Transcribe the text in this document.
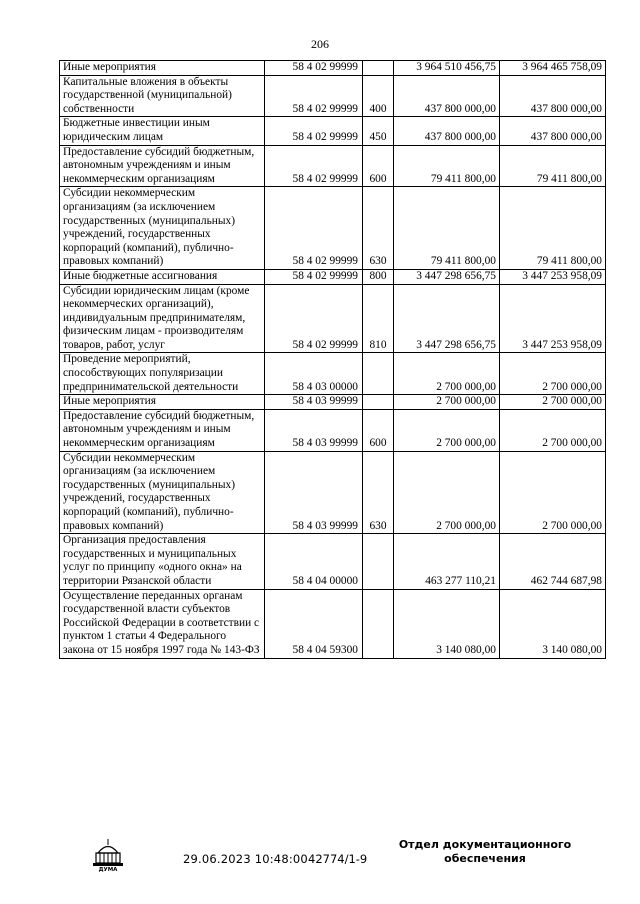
206
Иные мероприятия	58 4 02 99999		3 964 510 456,75	3 964 465 758,09
Капитальные вложения в объекты государственной (муниципальной) собственности	58 4 02 99999	400	437 800 000,00	437 800 000,00
Бюджетные инвестиции иным юридическим лицам	58 4 02 99999	450	437 800 000,00	437 800 000,00
Предоставление субсидий бюджетным, автономным учреждениям и иным некоммерческим организациям	58 4 02 99999	600	79 411 800,00	79 411 800,00
Субсидии некоммерческим организациям (за исключением государственных (муниципальных) учреждений, государственных корпораций (компаний), публично-правовых компаний)	58 4 02 99999	630	79 411 800,00	79 411 800,00
Иные бюджетные ассигнования	58 4 02 99999	800	3 447 298 656,75	3 447 253 958,09
Субсидии юридическим лицам (кроме некоммерческих организаций), индивидуальным предпринимателям, физическим лицам - производителям товаров, работ, услуг	58 4 02 99999	810	3 447 298 656,75	3 447 253 958,09
Проведение мероприятий, способствующих популяризации предпринимательской деятельности	58 4 03 00000		2 700 000,00	2 700 000,00
Иные мероприятия	58 4 03 99999		2 700 000,00	2 700 000,00
Предоставление субсидий бюджетным, автономным учреждениям и иным некоммерческим организациям	58 4 03 99999	600	2 700 000,00	2 700 000,00
Субсидии некоммерческим организациям (за исключением государственных (муниципальных) учреждений, государственных корпораций (компаний), публично-правовых компаний)	58 4 03 99999	630	2 700 000,00	2 700 000,00
Организация предоставления государственных и муниципальных услуг по принципу «одного окна» на территории Рязанской области	58 4 04 00000		463 277 110,21	462 744 687,98
Осуществление переданных органам государственной власти субъектов Российской Федерации в соответствии с пунктом 1 статьи 4 Федерального закона от 15 ноября 1997 года № 143-ФЗ	58 4 04 59300		3 140 080,00	3 140 080,00
ДУМА
29.06.2023 10:48:00 42774/1-9
Отдел документационного
обеспечения
